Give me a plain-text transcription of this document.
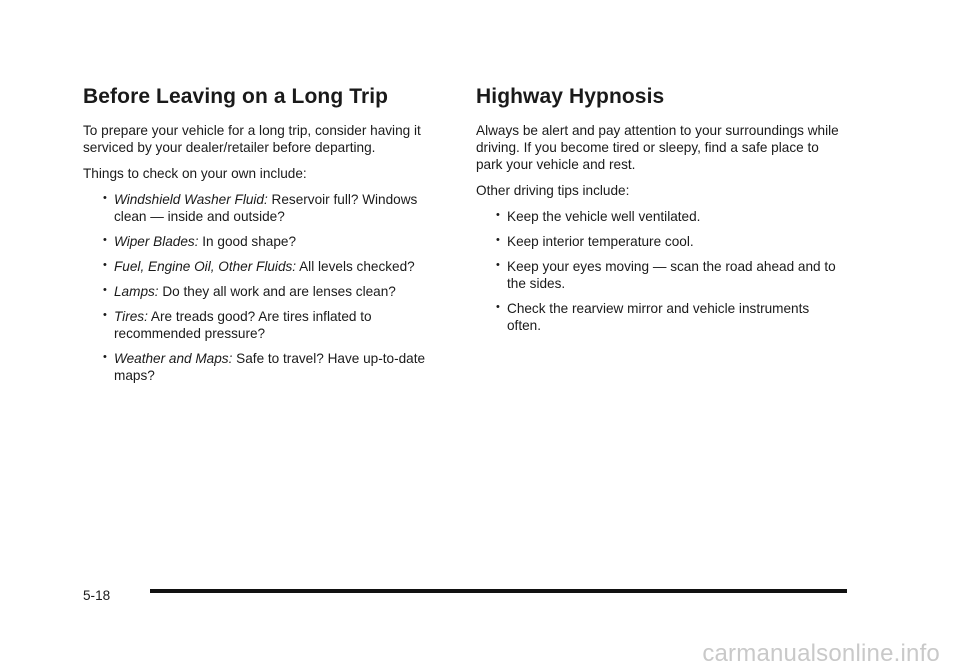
Before Leaving on a Long Trip

To prepare your vehicle for a long trip, consider having it serviced by your dealer/retailer before departing.

Things to check on your own include:

• Windshield Washer Fluid: Reservoir full? Windows clean — inside and outside?
• Wiper Blades: In good shape?
• Fuel, Engine Oil, Other Fluids: All levels checked?
• Lamps: Do they all work and are lenses clean?
• Tires: Are treads good? Are tires inflated to recommended pressure?
• Weather and Maps: Safe to travel? Have up-to-date maps?
Highway Hypnosis

Always be alert and pay attention to your surroundings while driving. If you become tired or sleepy, find a safe place to park your vehicle and rest.

Other driving tips include:

• Keep the vehicle well ventilated.
• Keep interior temperature cool.
• Keep your eyes moving — scan the road ahead and to the sides.
• Check the rearview mirror and vehicle instruments often.
5-18
carmanualsonline.info
